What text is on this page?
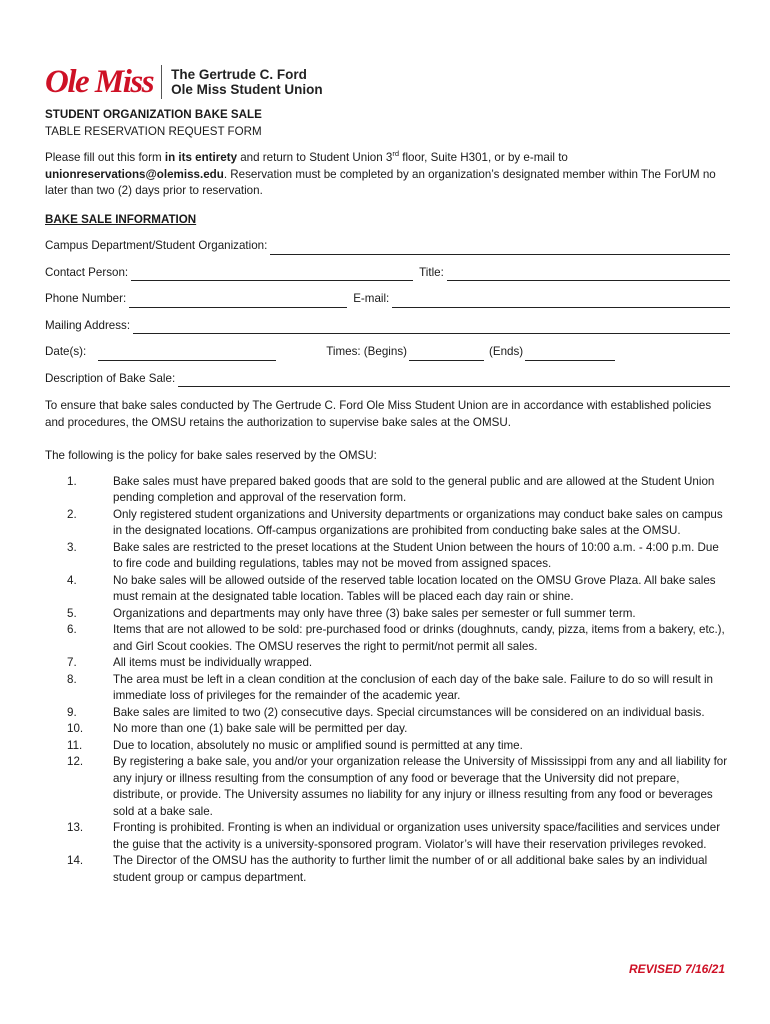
Ole Miss The Gertrude C. Ford
Ole Miss Student Union
STUDENT ORGANIZATION BAKE SALE
TABLE RESERVATION REQUEST FORM
Please fill out this form in its entirety and return to Student Union 3rd floor, Suite H301, or by e-mail to unionreservations@olemiss.edu. Reservation must be completed by an organization’s designated member within The ForUM no later than two (2) days prior to reservation.
BAKE SALE INFORMATION
Campus Department/Student Organization:
Contact Person:	Title:
Phone Number:	E-mail:
Mailing Address:
Date(s):	Times: (Begins)	(Ends)
Description of Bake Sale:
To ensure that bake sales conducted by The Gertrude C. Ford Ole Miss Student Union are in accordance with established policies and procedures, the OMSU retains the authorization to supervise bake sales at the OMSU.
The following is the policy for bake sales reserved by the OMSU:
1.	Bake sales must have prepared baked goods that are sold to the general public and are allowed at the Student Union pending completion and approval of the reservation form.
2.	Only registered student organizations and University departments or organizations may conduct bake sales on campus in the designated locations. Off-campus organizations are prohibited from conducting bake sales at the OMSU.
3.	Bake sales are restricted to the preset locations at the Student Union between the hours of 10:00 a.m. - 4:00 p.m. Due to fire code and building regulations, tables may not be moved from assigned spaces.
4.	No bake sales will be allowed outside of the reserved table location located on the OMSU Grove Plaza. All bake sales must remain at the designated table location. Tables will be placed each day rain or shine.
5.	Organizations and departments may only have three (3) bake sales per semester or full summer term.
6.	Items that are not allowed to be sold: pre-purchased food or drinks (doughnuts, candy, pizza, items from a bakery, etc.), and Girl Scout cookies. The OMSU reserves the right to permit/not permit all sales.
7.	All items must be individually wrapped.
8.	The area must be left in a clean condition at the conclusion of each day of the bake sale. Failure to do so will result in immediate loss of privileges for the remainder of the academic year.
9.	Bake sales are limited to two (2) consecutive days. Special circumstances will be considered on an individual basis.
10.	No more than one (1) bake sale will be permitted per day.
11.	Due to location, absolutely no music or amplified sound is permitted at any time.
12.	By registering a bake sale, you and/or your organization release the University of Mississippi from any and all liability for any injury or illness resulting from the consumption of any food or beverage that the University did not prepare, distribute, or provide. The University assumes no liability for any injury or illness resulting from any food or beverages sold at a bake sale.
13.	Fronting is prohibited. Fronting is when an individual or organization uses university space/facilities and services under the guise that the activity is a university-sponsored program. Violator’s will have their reservation privileges revoked.
14.	The Director of the OMSU has the authority to further limit the number of or all additional bake sales by an individual student group or campus department.
REVISED 7/16/21
